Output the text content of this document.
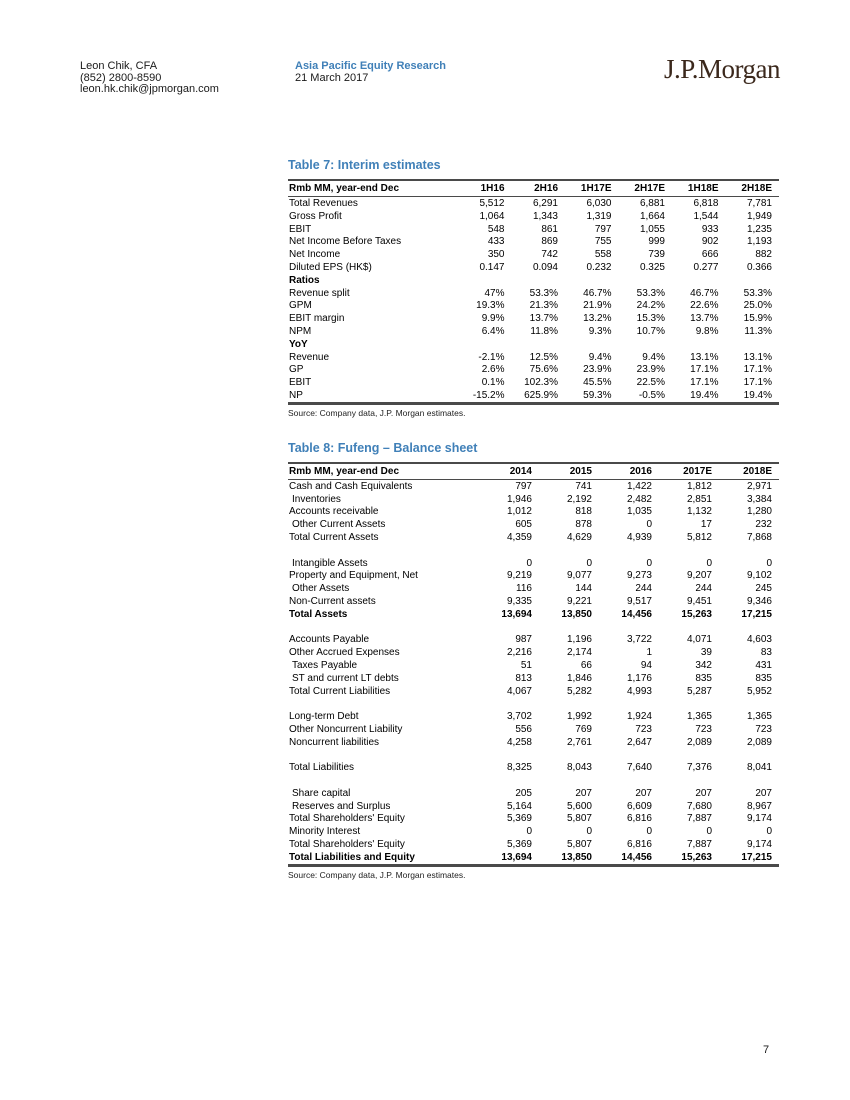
Leon Chik, CFA
(852) 2800-8590
leon.hk.chik@jpmorgan.com
Asia Pacific Equity Research
21 March 2017	J.P.Morgan

Table 7: Interim estimates

Rmb MM, year-end Dec	1H16	2H16	1H17E	2H17E	1H18E	2H18E
Total Revenues	5,512	6,291	6,030	6,881	6,818	7,781
Gross Profit	1,064	1,343	1,319	1,664	1,544	1,949
EBIT	548	861	797	1,055	933	1,235
Net Income Before Taxes	433	869	755	999	902	1,193
Net Income	350	742	558	739	666	882
Diluted EPS (HK$)	0.147	0.094	0.232	0.325	0.277	0.366
Ratios						
Revenue split	47%	53.3%	46.7%	53.3%	46.7%	53.3%
GPM	19.3%	21.3%	21.9%	24.2%	22.6%	25.0%
EBIT margin	9.9%	13.7%	13.2%	15.3%	13.7%	15.9%
NPM	6.4%	11.8%	9.3%	10.7%	9.8%	11.3%
YoY						
Revenue	-2.1%	12.5%	9.4%	9.4%	13.1%	13.1%
GP	2.6%	75.6%	23.9%	23.9%	17.1%	17.1%
EBIT	0.1%	102.3%	45.5%	22.5%	17.1%	17.1%
NP	-15.2%	625.9%	59.3%	-0.5%	19.4%	19.4%

Source: Company data, J.P. Morgan estimates.

Table 8: Fufeng – Balance sheet

Rmb MM, year-end Dec	2014	2015	2016	2017E	2018E
Cash and Cash Equivalents	797	741	1,422	1,812	2,971
Inventories	1,946	2,192	2,482	2,851	3,384
Accounts receivable	1,012	818	1,035	1,132	1,280
Other Current Assets	605	878	0	17	232
Total Current Assets	4,359	4,629	4,939	5,812	7,868

Intangible Assets	0	0	0	0	0
Property and Equipment, Net	9,219	9,077	9,273	9,207	9,102
Other Assets	116	144	244	244	245
Non-Current assets	9,335	9,221	9,517	9,451	9,346
Total Assets	13,694	13,850	14,456	15,263	17,215

Accounts Payable	987	1,196	3,722	4,071	4,603
Other Accrued Expenses	2,216	2,174	1	39	83
Taxes Payable	51	66	94	342	431
ST and current LT debts	813	1,846	1,176	835	835
Total Current Liabilities	4,067	5,282	4,993	5,287	5,952

Long-term Debt	3,702	1,992	1,924	1,365	1,365
Other Noncurrent Liability	556	769	723	723	723
Noncurrent liabilities	4,258	2,761	2,647	2,089	2,089

Total Liabilities	8,325	8,043	7,640	7,376	8,041

Share capital	205	207	207	207	207
Reserves and Surplus	5,164	5,600	6,609	7,680	8,967
Total Shareholders' Equity	5,369	5,807	6,816	7,887	9,174
Minority Interest	0	0	0	0	0
Total Shareholders' Equity	5,369	5,807	6,816	7,887	9,174
Total Liabilities and Equity	13,694	13,850	14,456	15,263	17,215

Source: Company data, J.P. Morgan estimates.

7
